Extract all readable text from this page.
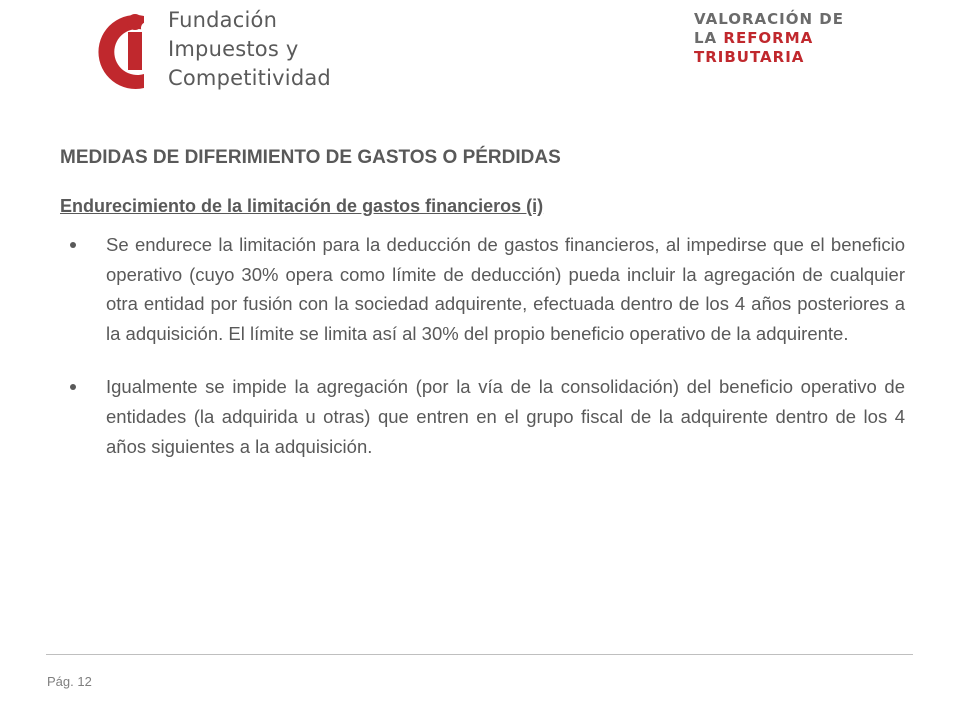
Fundación
Impuestos y
Competitividad
VALORACIÓN DE
LA REFORMA
TRIBUTARIA
MEDIDAS DE DIFERIMIENTO DE GASTOS O PÉRDIDAS
Endurecimiento de la limitación de gastos financieros (i)
Se endurece la limitación para la deducción de gastos financieros, al impedirse que el beneficio operativo (cuyo 30% opera como límite de deducción) pueda incluir la agregación de cualquier otra entidad por fusión con la sociedad adquirente, efectuada dentro de los 4 años posteriores a la adquisición. El límite se limita así al 30% del propio beneficio operativo de la adquirente.
Igualmente se impide la agregación (por la vía de la consolidación) del beneficio operativo de entidades (la adquirida u otras) que entren en el grupo fiscal de la adquirente dentro de los 4 años siguientes a la adquisición.
Pág. 12
